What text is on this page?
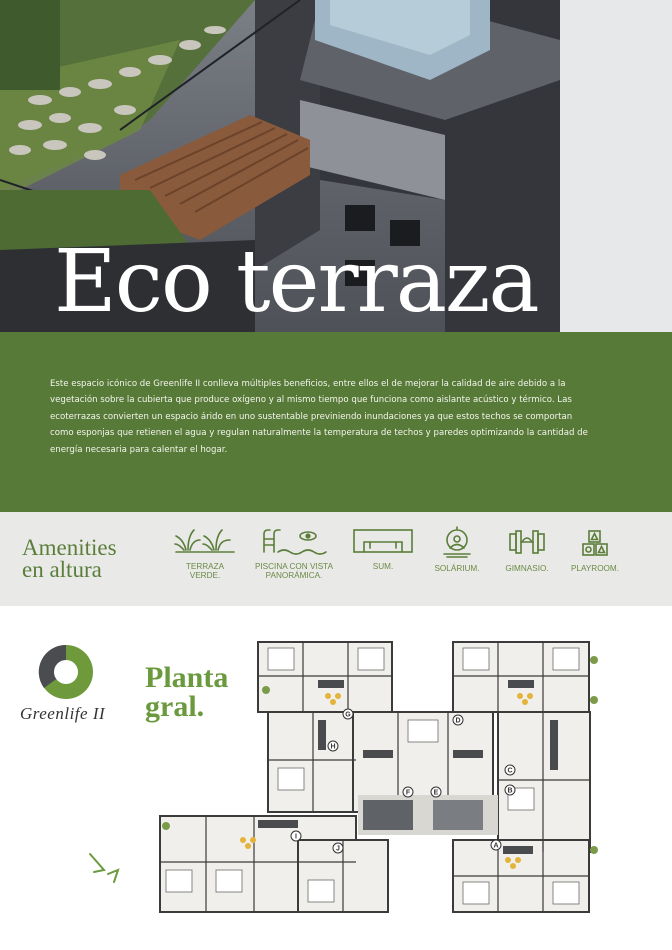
Eco terraza

Este espacio icónico de Greenlife II conlleva múltiples beneficios, entre ellos el de mejorar la calidad de aire debido a la vegetación sobre la cubierta que produce oxígeno y al mismo tiempo que funciona como aislante acústico y térmico. Las ecoterrazas convierten un espacio árido en uno sustentable previniendo inundaciones ya que estos techos se comportan como esponjas que retienen el agua y regulan naturalmente la temperatura de techos y paredes optimizando la cantidad de energía necesaria para calentar el hogar.

Amenities
en altura	TERRAZA
VERDE.
PISCINA CON VISTA
PANORÁMICA.
SUM.	SOLÁRIUM.	GIMNASIO.	PLAYROOM.
Greenlife II
Planta
gral.
A
B
C
D
E
F
G
H
I
J
